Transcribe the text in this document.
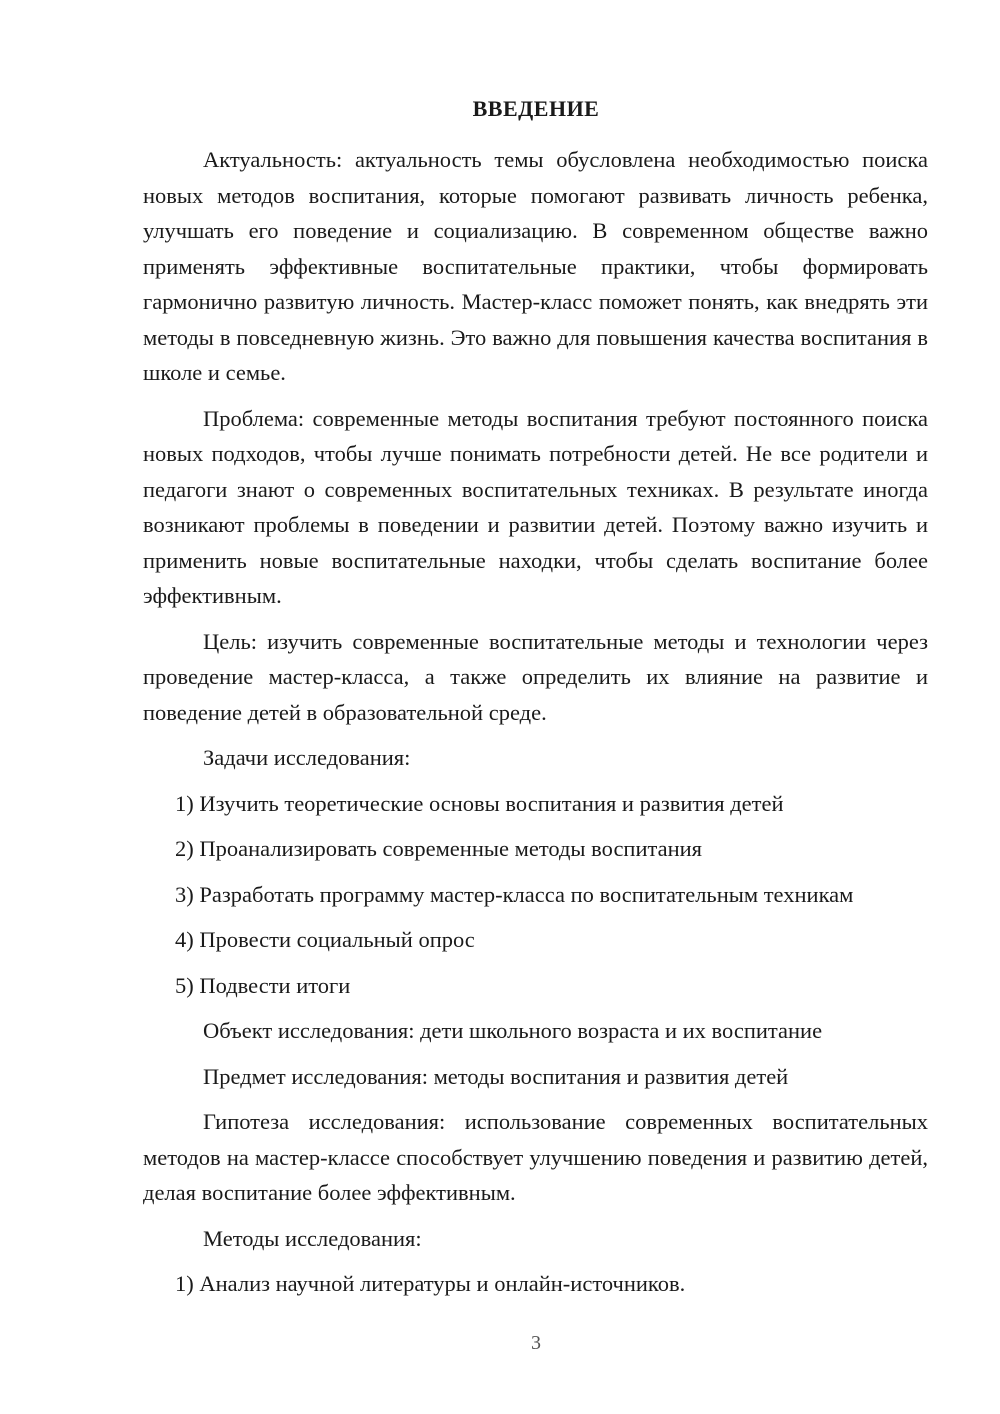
ВВЕДЕНИЕ

Актуальность: актуальность темы обусловлена необходимостью поиска новых методов воспитания, которые помогают развивать личность ребенка, улучшать его поведение и социализацию. В современном обществе важно применять эффективные воспитательные практики, чтобы формировать гармонично развитую личность. Мастер-класс поможет понять, как внедрять эти методы в повседневную жизнь. Это важно для повышения качества воспитания в школе и семье.

Проблема: современные методы воспитания требуют постоянного поиска новых подходов, чтобы лучше понимать потребности детей. Не все родители и педагоги знают о современных воспитательных техниках. В результате иногда возникают проблемы в поведении и развитии детей. Поэтому важно изучить и применить новые воспитательные находки, чтобы сделать воспитание более эффективным.

Цель: изучить современные воспитательные методы и технологии через проведение мастер-класса, а также определить их влияние на развитие и поведение детей в образовательной среде.

Задачи исследования:

1) Изучить теоретические основы воспитания и развития детей

2) Проанализировать современные методы воспитания

3) Разработать программу мастер-класса по воспитательным техникам

4) Провести социальный опрос

5) Подвести итоги

Объект исследования: дети школьного возраста и их воспитание

Предмет исследования: методы воспитания и развития детей

Гипотеза исследования: использование современных воспитательных методов на мастер-классе способствует улучшению поведения и развитию детей, делая воспитание более эффективным.

Методы исследования:

1) Анализ научной литературы и онлайн-источников.

3
